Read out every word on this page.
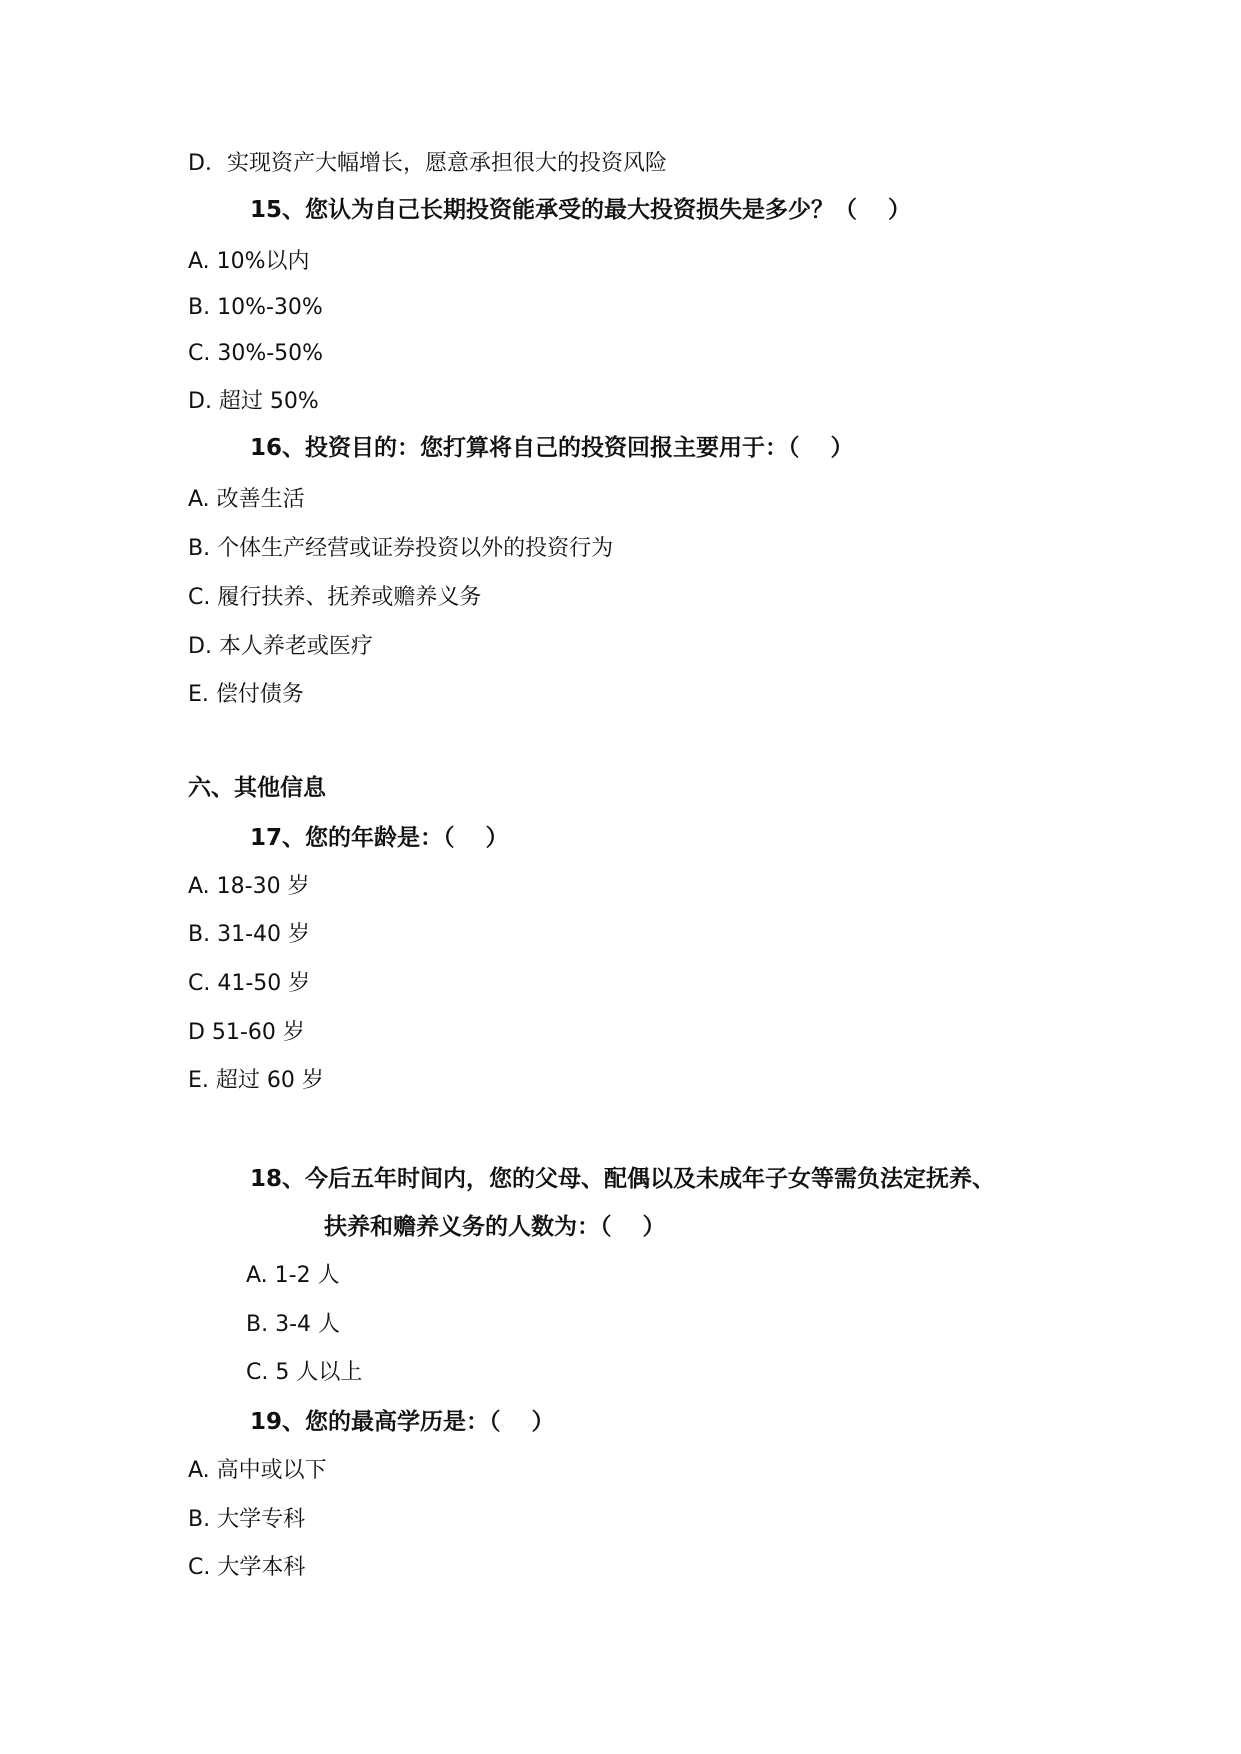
D．实现资产大幅增长，愿意承担很大的投资风险
15、您认为自己长期投资能承受的最大投资损失是多少？（　 ）
A. 10%以内
B. 10%-30%
C. 30%-50%
D. 超过 50%
16、投资目的：您打算将自己的投资回报主要用于：（　 ）
A. 改善生活
B. 个体生产经营或证券投资以外的投资行为
C. 履行扶养、抚养或赡养义务
D. 本人养老或医疗
E. 偿付债务
六、其他信息
17、您的年龄是：（　 ）
A. 18-30 岁
B. 31-40 岁
C. 41-50 岁
D 51-60 岁
E. 超过 60 岁
18、今后五年时间内，您的父母、配偶以及未成年子女等需负法定抚养、
扶养和赡养义务的人数为：（　 ）
A. 1-2 人
B. 3-4 人
C. 5 人以上
19、您的最高学历是：（　 ）
A. 高中或以下
B. 大学专科
C. 大学本科
